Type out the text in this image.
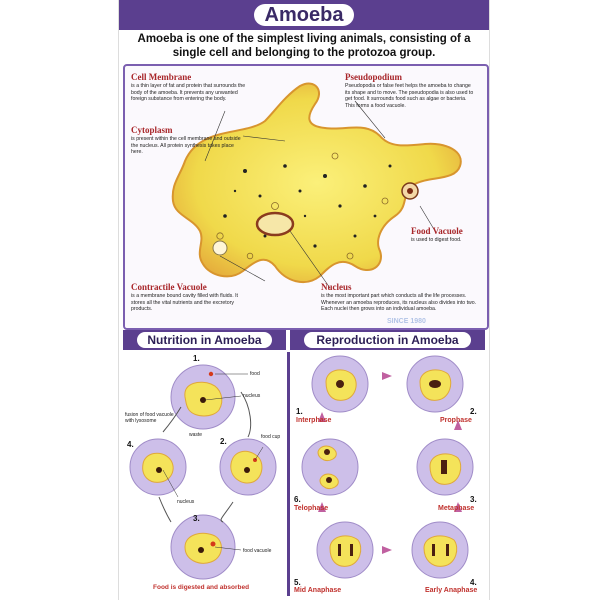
Amoeba
Amoeba is one of the simplest living animals, consisting of a single cell and belonging to the protozoa group.
Cell Membrane
is a thin layer of fat and protein that surrounds the body of the amoeba. It prevents any unwanted foreign substance from entering the body.
Cytoplasm
is present within the cell membrane and outside the nucleus. All protein synthesis takes place here.
Pseudopodium
Pseudopodia or false feet helps the amoeba to change its shape and to move. The pseudopodia is also used to get food. It surrounds food such as algae or bacteria. This forms a food vacuole.
Food Vacuole
is used to digest food.
Contractile Vacuole
is a membrane bound cavity filled with fluids. It stores all the vital nutrients and the excretory products.
Nucleus
is the most important part which conducts all the life processes. Whenever an amoeba reproduces, its nucleus also divides into two. Each nuclei then grows into an individual amoeba.
SINCE 1980
Nutrition in Amoeba	Reproduction in Amoeba
1.
2.
3.
4.
food
nucleus
food cup
fusion of food vacuole with lysosome
waste
nucleus
food vacuole
Food is digested and absorbed
1.
Interphase
2.
Prophase
3.
Metaphase
4.
Early Anaphase
5.
Mid Anaphase
6.
Telophase
